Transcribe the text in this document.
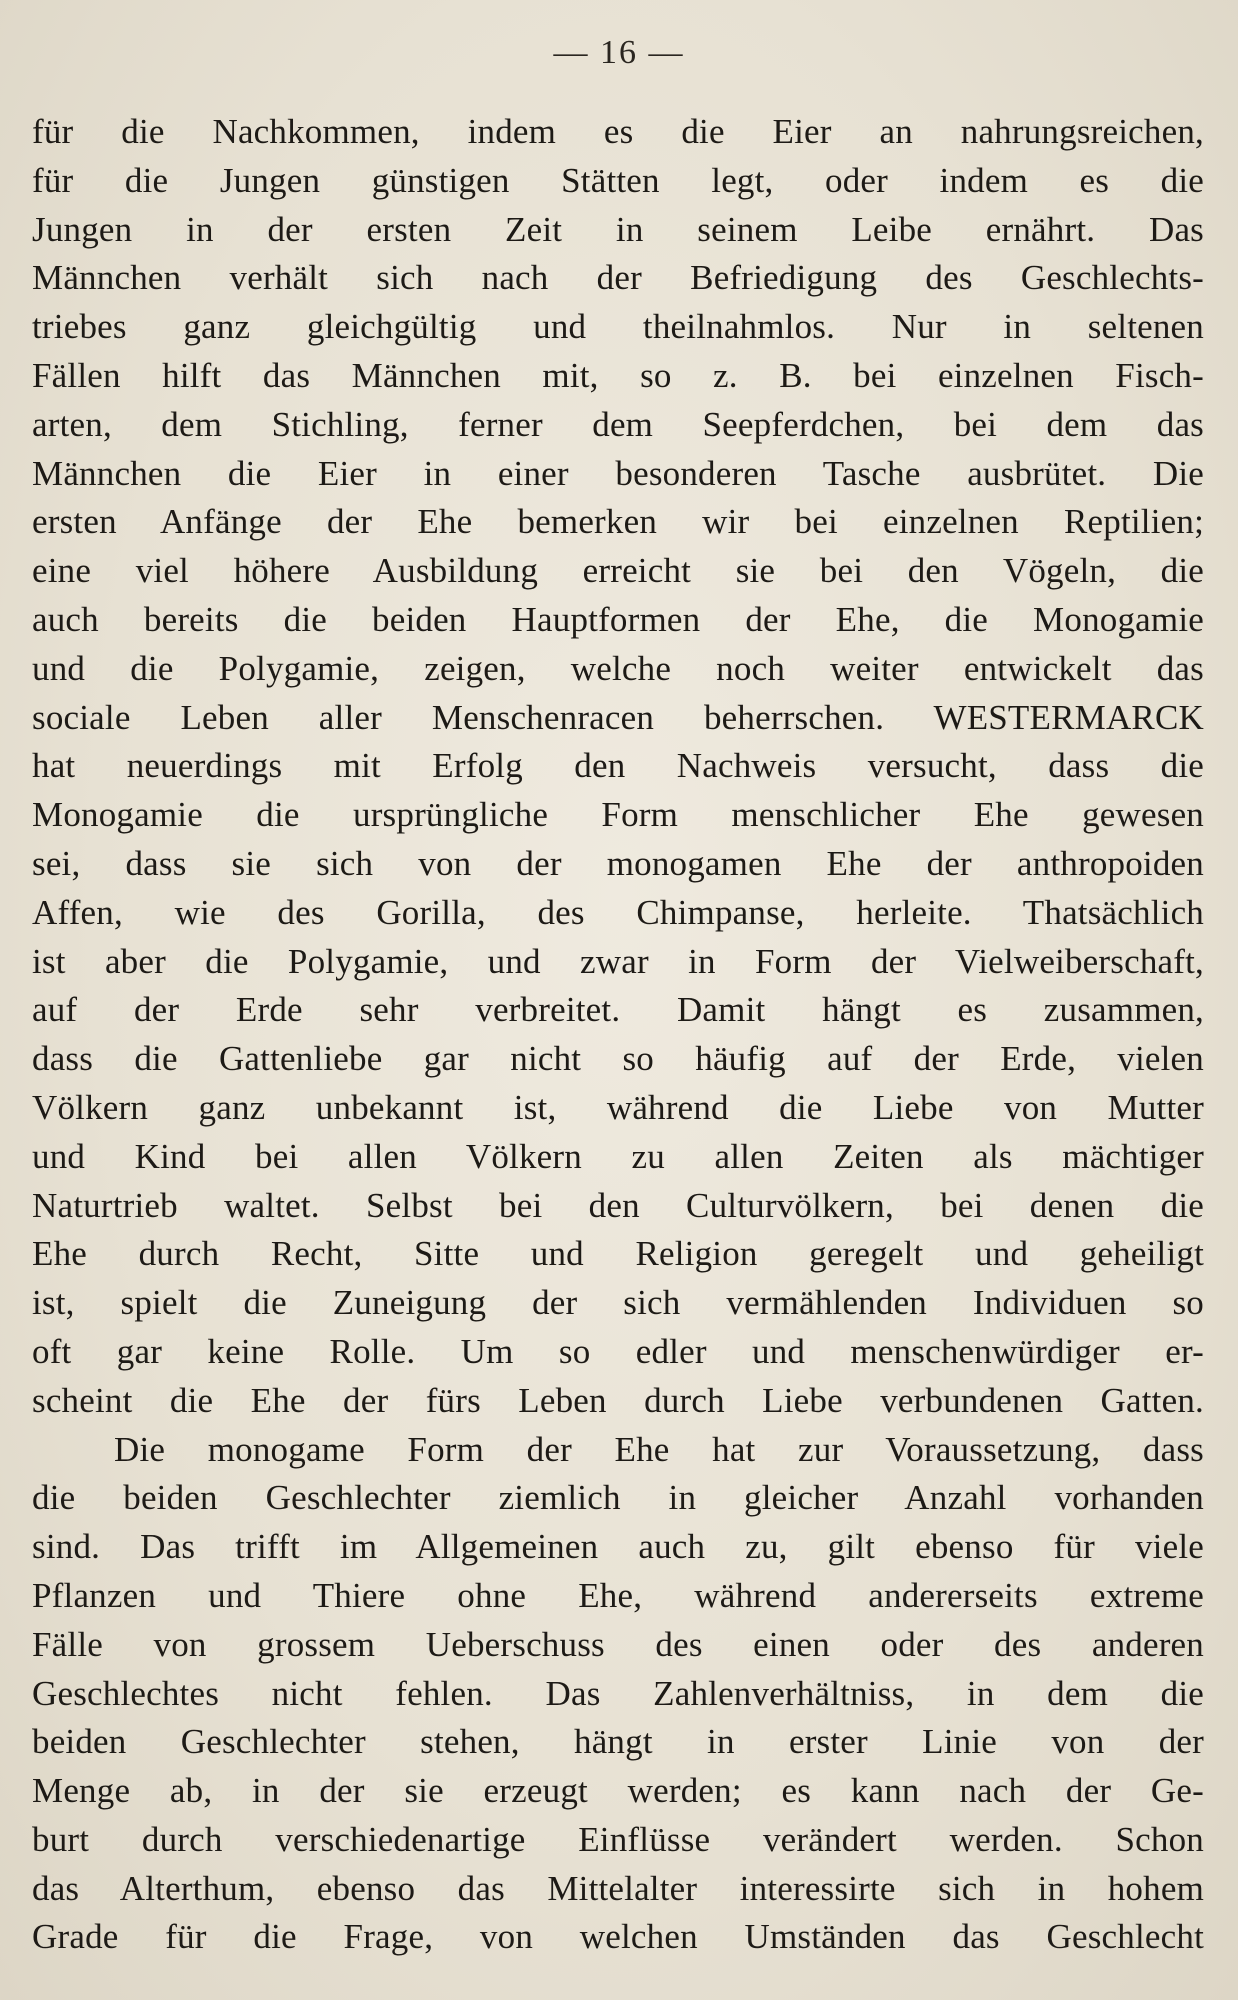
— 16 —
für die Nachkommen, indem es die Eier an nahrungsreichen,
für die Jungen günstigen Stätten legt, oder indem es die
Jungen in der ersten Zeit in seinem Leibe ernährt. Das
Männchen verhält sich nach der Befriedigung des Geschlechts-
triebes ganz gleichgültig und theilnahmlos. Nur in seltenen
Fällen hilft das Männchen mit, so z. B. bei einzelnen Fisch-
arten, dem Stichling, ferner dem Seepferdchen, bei dem das
Männchen die Eier in einer besonderen Tasche ausbrütet. Die
ersten Anfänge der Ehe bemerken wir bei einzelnen Reptilien;
eine viel höhere Ausbildung erreicht sie bei den Vögeln, die
auch bereits die beiden Hauptformen der Ehe, die Monogamie
und die Polygamie, zeigen, welche noch weiter entwickelt das
sociale Leben aller Menschenracen beherrschen. WESTERMARCK
hat neuerdings mit Erfolg den Nachweis versucht, dass die
Monogamie die ursprüngliche Form menschlicher Ehe gewesen
sei, dass sie sich von der monogamen Ehe der anthropoiden
Affen, wie des Gorilla, des Chimpanse, herleite. Thatsächlich
ist aber die Polygamie, und zwar in Form der Vielweiberschaft,
auf der Erde sehr verbreitet. Damit hängt es zusammen,
dass die Gattenliebe gar nicht so häufig auf der Erde, vielen
Völkern ganz unbekannt ist, während die Liebe von Mutter
und Kind bei allen Völkern zu allen Zeiten als mächtiger
Naturtrieb waltet. Selbst bei den Culturvölkern, bei denen die
Ehe durch Recht, Sitte und Religion geregelt und geheiligt
ist, spielt die Zuneigung der sich vermählenden Individuen so
oft gar keine Rolle. Um so edler und menschenwürdiger er-
scheint die Ehe der fürs Leben durch Liebe verbundenen Gatten.
Die monogame Form der Ehe hat zur Voraussetzung, dass
die beiden Geschlechter ziemlich in gleicher Anzahl vorhanden
sind. Das trifft im Allgemeinen auch zu, gilt ebenso für viele
Pflanzen und Thiere ohne Ehe, während andererseits extreme
Fälle von grossem Ueberschuss des einen oder des anderen
Geschlechtes nicht fehlen. Das Zahlenverhältniss, in dem die
beiden Geschlechter stehen, hängt in erster Linie von der
Menge ab, in der sie erzeugt werden; es kann nach der Ge-
burt durch verschiedenartige Einflüsse verändert werden. Schon
das Alterthum, ebenso das Mittelalter interessirte sich in hohem
Grade für die Frage, von welchen Umständen das Geschlecht
